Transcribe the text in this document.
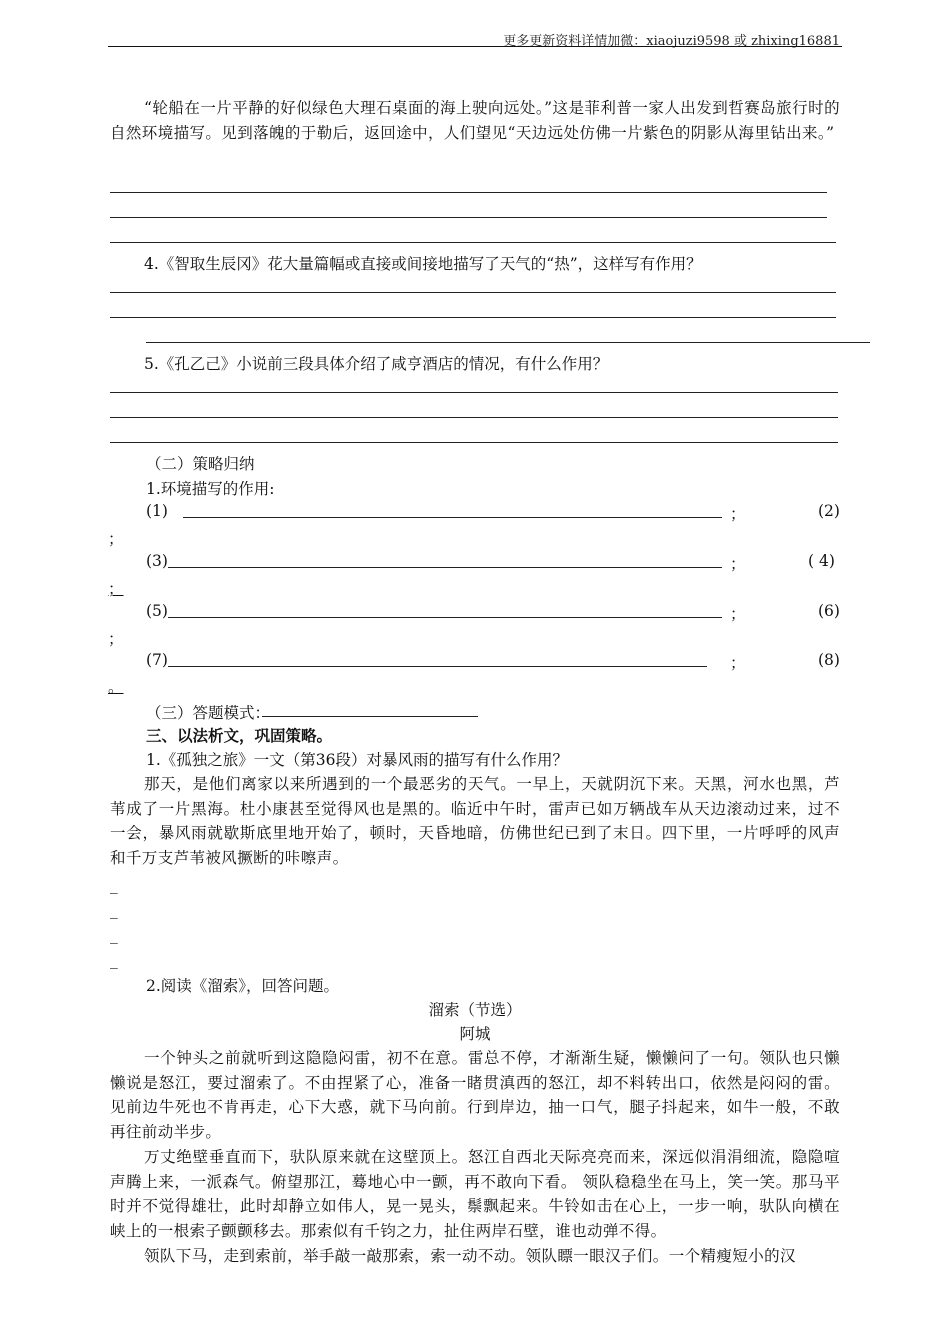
更多更新资料详情加微：xiaojuzi9598 或 zhixing16881
“轮船在一片平静的好似绿色大理石桌面的海上驶向远处。”这是菲利普一家人出发到哲赛岛旅行时的自然环境描写。见到落魄的于勒后，返回途中，人们望见“天边远处仿佛一片紫色的阴影从海里钻出来。”
4.《智取生辰冈》花大量篇幅或直接或间接地描写了天气的“热”，这样写有作用？
5.《孔乙己》小说前三段具体介绍了咸亨酒店的情况，有什么作用？
（二）策略归纳
1.环境描写的作用:
(1)	；	(2)
；
(3)	；	( 4)
；
(5)	；	(6)
；
(7)	；	(8)
。
（三）答题模式：
三、以法析文，巩固策略。
1.《孤独之旅》一文（第36段）对暴风雨的描写有什么作用？
那天，是他们离家以来所遇到的一个最恶劣的天气。一早上，天就阴沉下来。天黑，河水也黑，芦苇成了一片黑海。杜小康甚至觉得风也是黑的。临近中午时，雷声已如万辆战车从天边滚动过来，过不一会，暴风雨就歇斯底里地开始了，顿时，天昏地暗，仿佛世纪已到了末日。四下里，一片呼呼的风声和千万支芦苇被风撅断的咔嚓声。
_
_
_
_
2.阅读《溜索》，回答问题。
溜索（节选）
阿城
一个钟头之前就听到这隐隐闷雷，初不在意。雷总不停，才渐渐生疑，懒懒问了一句。领队也只懒懒说是怒江，要过溜索了。不由捏紧了心，准备一睹贯滇西的怒江，却不料转出口，依然是闷闷的雷。见前边牛死也不肯再走，心下大惑，就下马向前。行到岸边，抽一口气，腿子抖起来，如牛一般，不敢再往前动半步。
万丈绝壁垂直而下，驮队原来就在这壁顶上。怒江自西北天际亮亮而来，深远似涓涓细流，隐隐喧声腾上来，一派森气。俯望那江，蓦地心中一颤，再不敢向下看。 领队稳稳坐在马上，笑一笑。那马平时并不觉得雄壮，此时却静立如伟人，晃一晃头，鬃飘起来。牛铃如击在心上，一步一响，驮队向横在峡上的一根索子颤颤移去。那索似有千钧之力，扯住两岸石壁，谁也动弹不得。
领队下马，走到索前，举手敲一敲那索，索一动不动。领队瞟一眼汉子们。一个精瘦短小的汉
